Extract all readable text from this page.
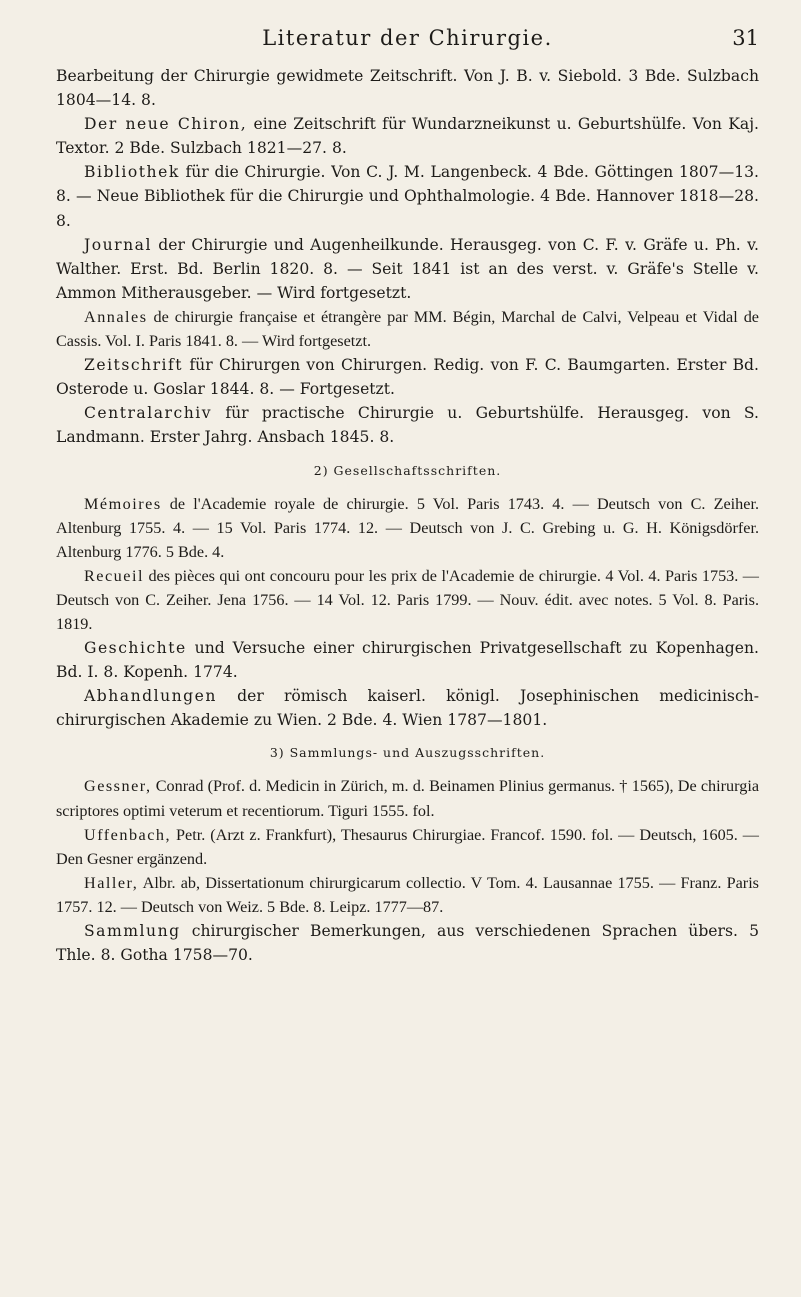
Literatur der Chirurgie.	31

Bearbeitung der Chirurgie gewidmete Zeitschrift. Von J. B. v. Siebold. 3 Bde. Sulzbach 1804—14. 8.

Der neue Chiron, eine Zeitschrift für Wundarzneikunst u. Geburtshülfe. Von Kaj. Textor. 2 Bde. Sulzbach 1821—27. 8.

Bibliothek für die Chirurgie. Von C. J. M. Langenbeck. 4 Bde. Göttingen 1807—13. 8. — Neue Bibliothek für die Chirurgie und Ophthalmologie. 4 Bde. Hannover 1818—28. 8.

Journal der Chirurgie und Augenheilkunde. Herausgeg. von C. F. v. Gräfe u. Ph. v. Walther. Erst. Bd. Berlin 1820. 8. — Seit 1841 ist an des verst. v. Gräfe's Stelle v. Ammon Mitherausgeber. — Wird fortgesetzt.

Annales de chirurgie française et étrangère par MM. Bégin, Marchal de Calvi, Velpeau et Vidal de Cassis. Vol. I. Paris 1841. 8. — Wird fortgesetzt.

Zeitschrift für Chirurgen von Chirurgen. Redig. von F. C. Baumgarten. Erster Bd. Osterode u. Goslar 1844. 8. — Fortgesetzt.

Centralarchiv für practische Chirurgie u. Geburtshülfe. Herausgeg. von S. Landmann. Erster Jahrg. Ansbach 1845. 8.

2) Gesellschaftsschriften.

Mémoires de l'Academie royale de chirurgie. 5 Vol. Paris 1743. 4. — Deutsch von C. Zeiher. Altenburg 1755. 4. — 15 Vol. Paris 1774. 12. — Deutsch von J. C. Grebing u. G. H. Königsdörfer. Altenburg 1776. 5 Bde. 4.

Recueil des pièces qui ont concouru pour les prix de l'Academie de chirurgie. 4 Vol. 4. Paris 1753. — Deutsch von C. Zeiher. Jena 1756. — 14 Vol. 12. Paris 1799. — Nouv. édit. avec notes. 5 Vol. 8. Paris. 1819.

Geschichte und Versuche einer chirurgischen Privatgesellschaft zu Kopenhagen. Bd. I. 8. Kopenh. 1774.

Abhandlungen der römisch kaiserl. königl. Josephinischen medicinisch-chirurgischen Akademie zu Wien. 2 Bde. 4. Wien 1787—1801.

3) Sammlungs- und Auszugsschriften.

Gessner, Conrad (Prof. d. Medicin in Zürich, m. d. Beinamen Plinius germanus. † 1565), De chirurgia scriptores optimi veterum et recentiorum. Tiguri 1555. fol.

Uffenbach, Petr. (Arzt z. Frankfurt), Thesaurus Chirurgiae. Francof. 1590. fol. — Deutsch, 1605. — Den Gesner ergänzend.

Haller, Albr. ab, Dissertationum chirurgicarum collectio. V Tom. 4. Lausannae 1755. — Franz. Paris 1757. 12. — Deutsch von Weiz. 5 Bde. 8. Leipz. 1777—87.

Sammlung chirurgischer Bemerkungen, aus verschiedenen Sprachen übers. 5 Thle. 8. Gotha 1758—70.
